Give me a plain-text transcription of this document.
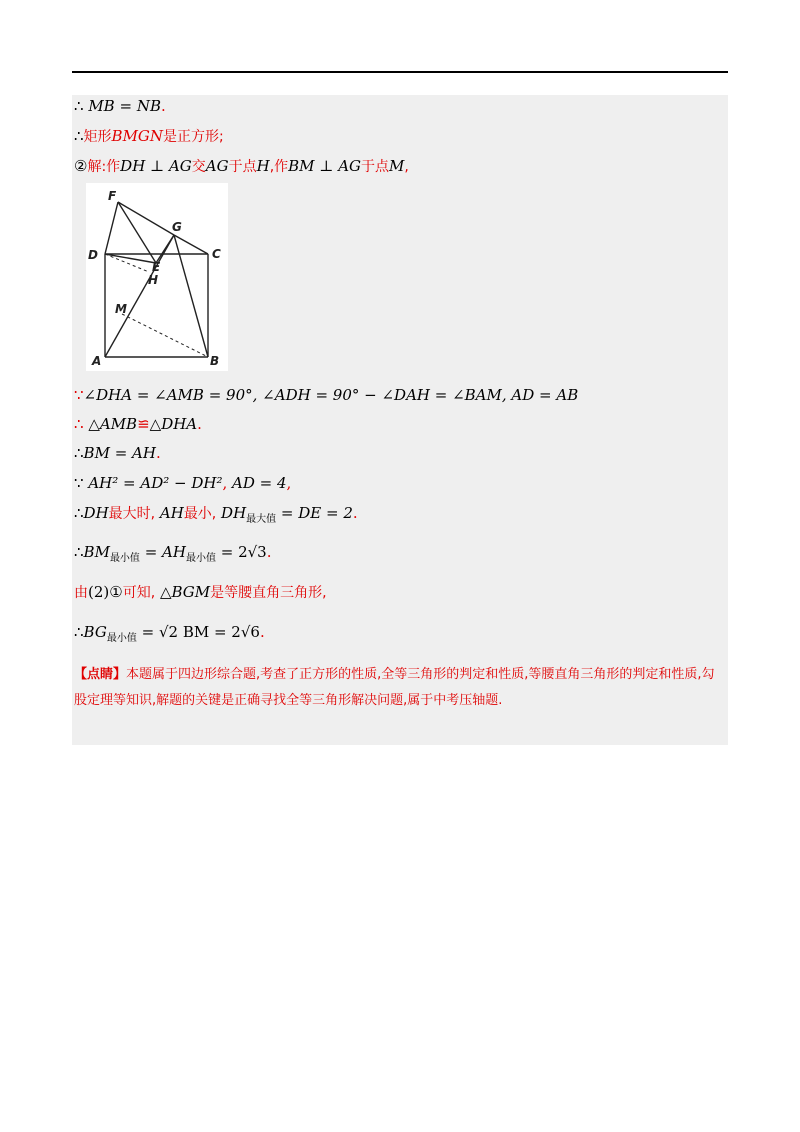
∴ MB = NB.
∴矩形BMGN是正方形;
②解:作DH ⊥ AG交AG于点H,作BM ⊥ AG于点M,
F
G
D	C
E
H
M
A	B
∵∠DHA = ∠AMB = 90°, ∠ADH = 90° − ∠DAH = ∠BAM, AD = AB
∴ △AMB≌△DHA.
∴BM = AH.
∵ AH² = AD² − DH², AD = 4,
∴DH最大时, AH最小, $DH_{最大值}$ = DE = 2.
$\therefore BM_{最小值} = AH_{最小值} = 2√3$.
由(2)①可知, △BGM是等腰直角三角形,
$\therefore BG_{最小值} = √2$ BM = 2√6.
【点睛】本题属于四边形综合题,考查了正方形的性质,全等三角形的判定和性质,等腰直角三角形的判定和性质,勾股定理等知识,解题的关键是正确寻找全等三角形解决问题,属于中考压轴题.
